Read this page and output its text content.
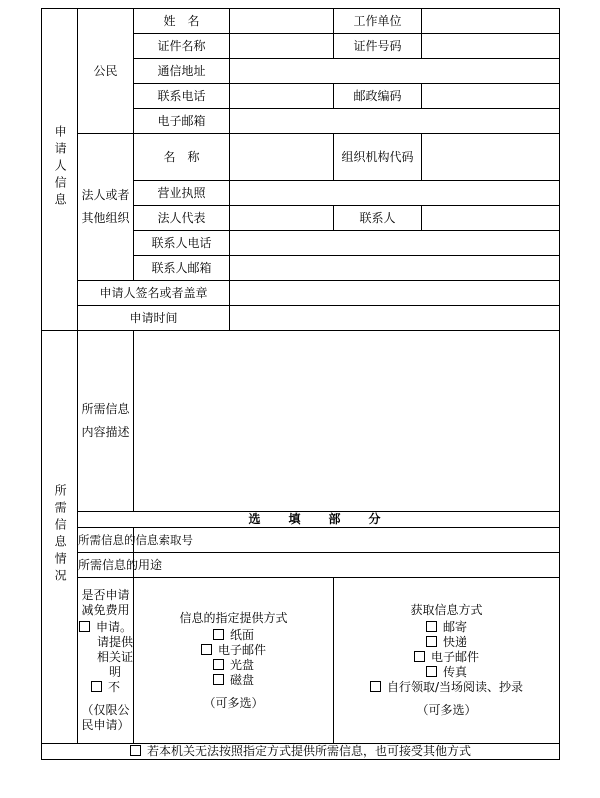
申请人信息	公民	姓　名		工作单位	
		证件名称		证件号码	
		通信地址			
		联系电话		邮政编码	
		电子邮箱			

	法人或者其他组织	名　称		组织机构代码	
		营业执照			
		法人代表		联系人	
		联系人电话			
		联系人邮箱			
	申请人签名或者盖章				
	申请时间				
所需信息情况	所需信息内容描述				

	选　填　部　分				
	所需信息的信息索取号				
	所需信息的用途				

是否申请减免费用
申请。
请提供相关证明
不
（仅限公民申请）

信息的指定提供方式
纸面
电子邮件
光盘
磁盘
（可多选）

获取信息方式
邮寄
快递
电子邮件
传真
自行领取/当场阅读、抄录
（可多选）

若本机关无法按照指定方式提供所需信息，也可接受其他方式					
